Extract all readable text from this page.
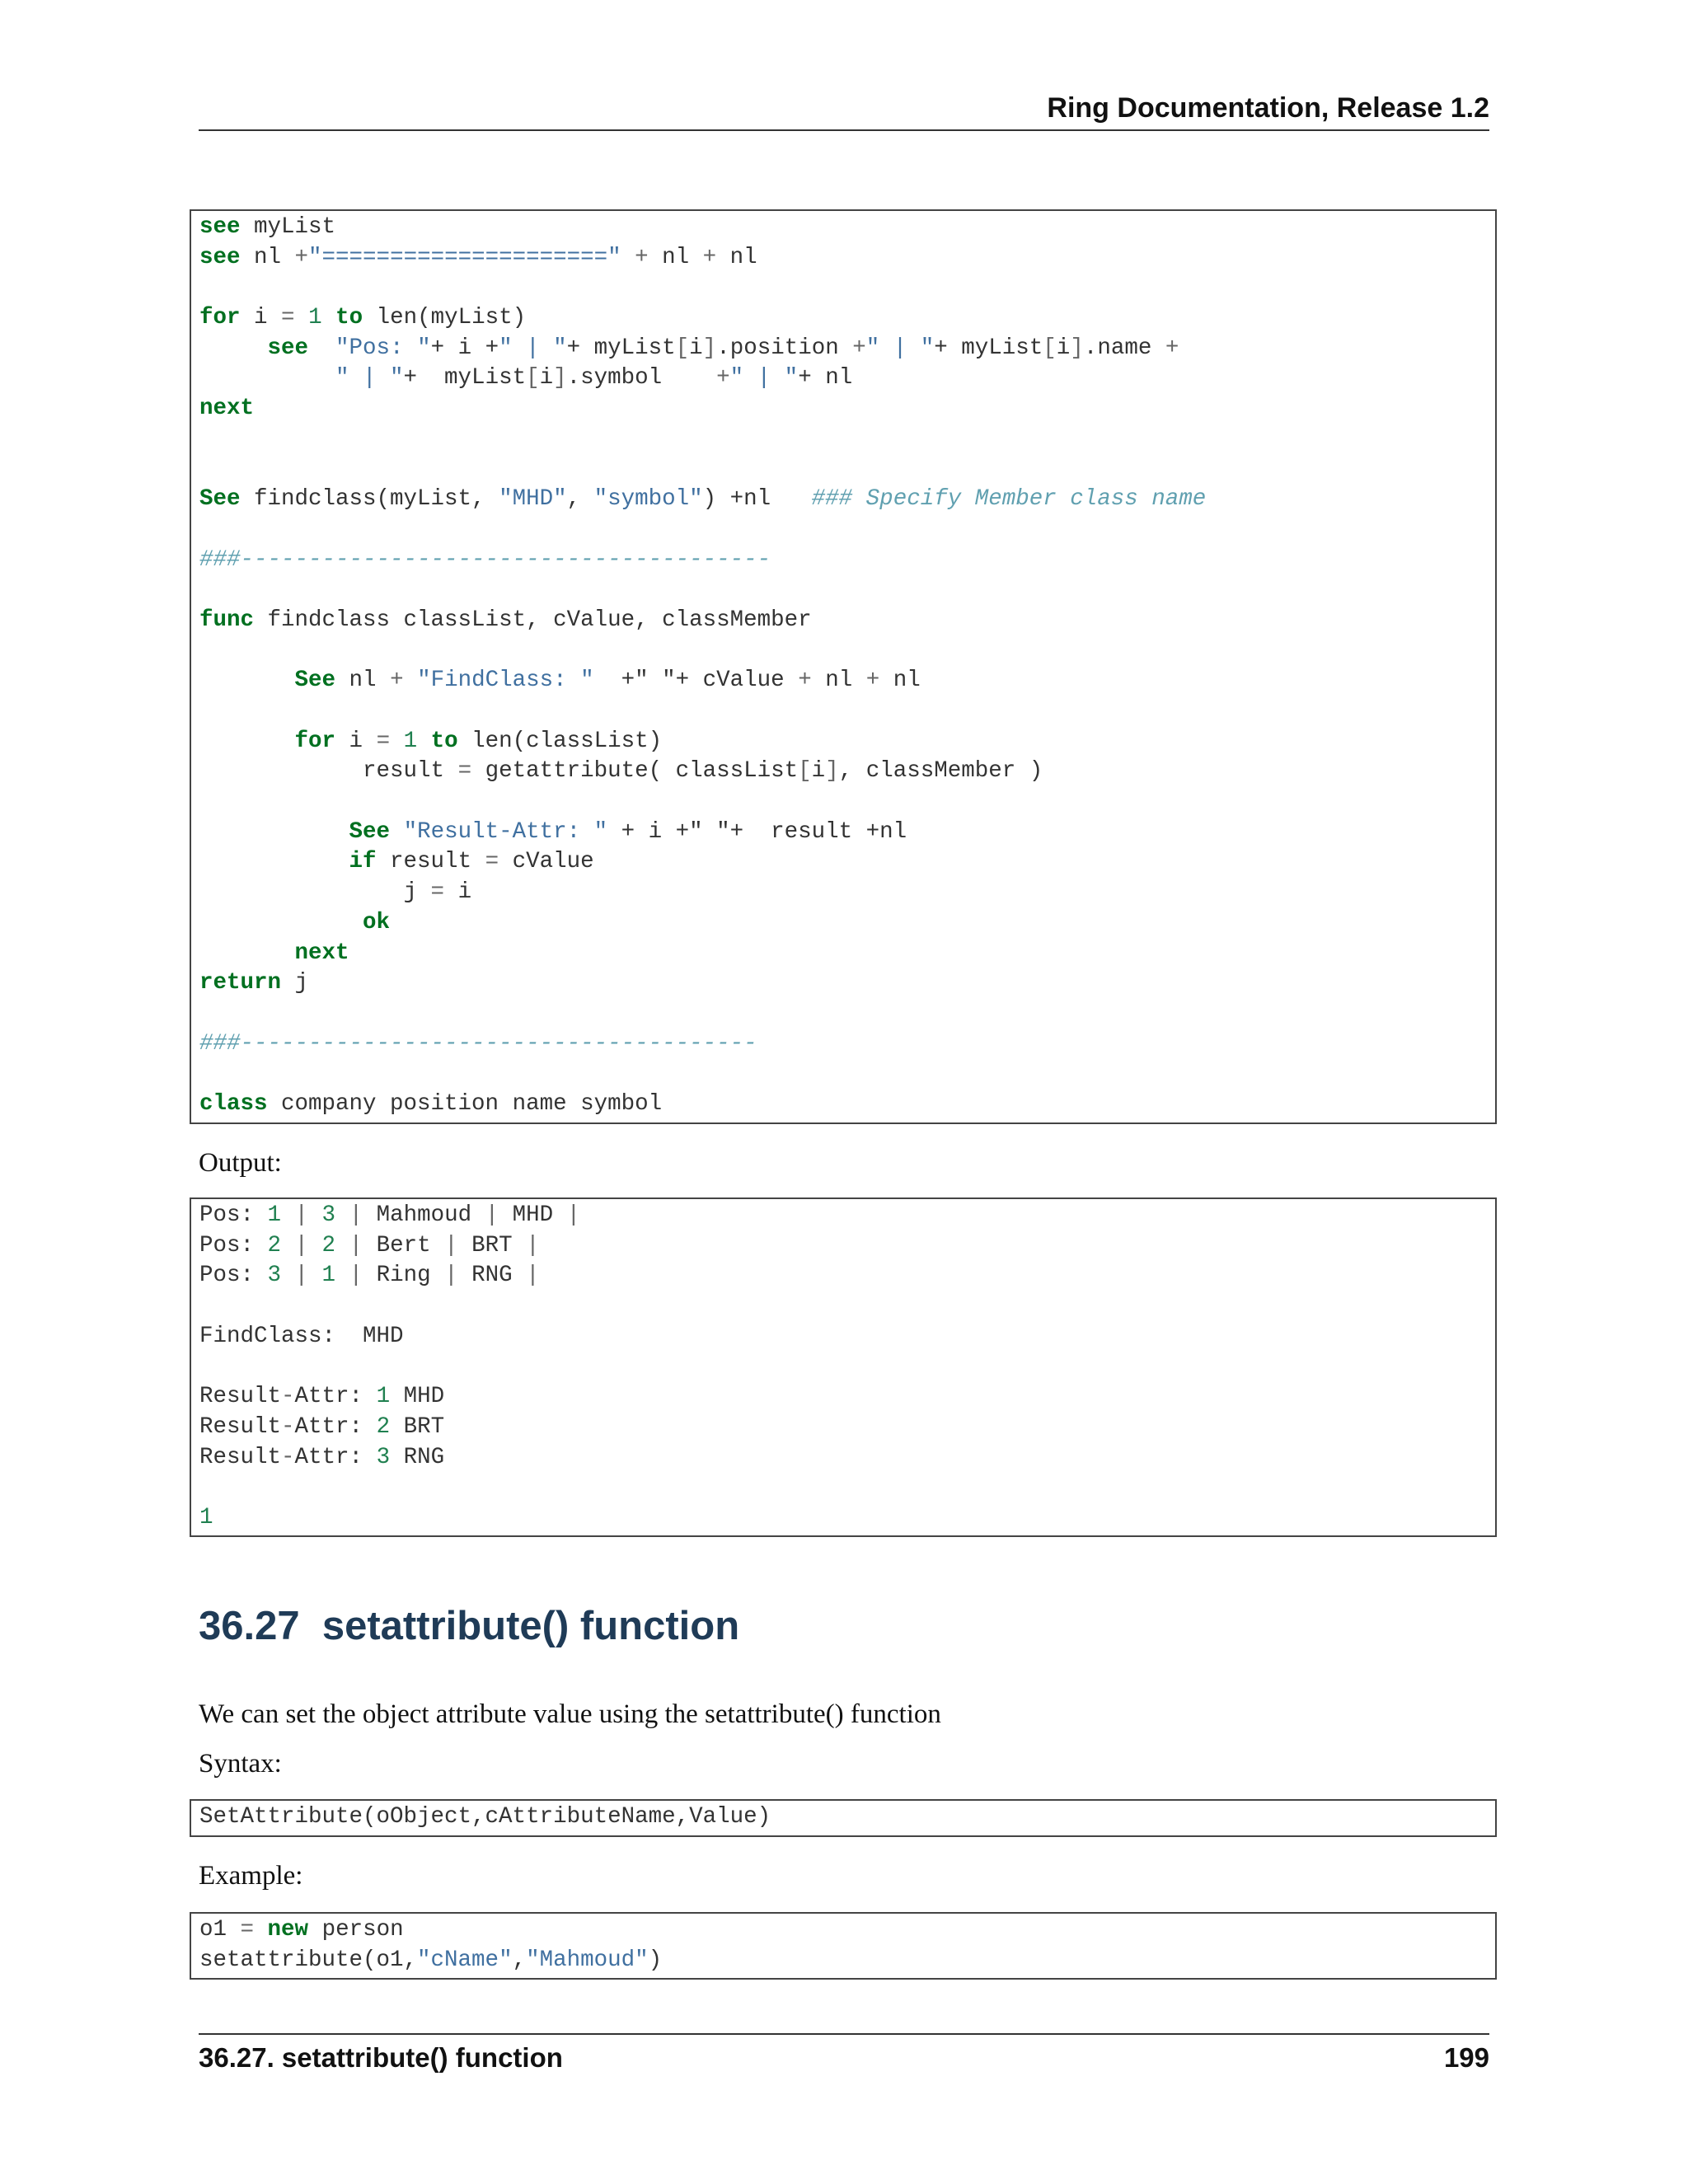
Ring Documentation, Release 1.2
see myList
see nl +"=====================" + nl + nl
for i = 1 to len(myList)
see "Pos: "+ i +" | "+ myList[i].position +" | "+ myList[i].name +
" | "+  myList[i].symbol    +" | "+ nl
next
See findclass(myList, "MHD", "symbol") +nl   ### Specify Member class name
###---------------------------------------
func findclass classList, cValue, classMember
See nl + "FindClass: "  +" "+ cValue + nl + nl
for i = 1 to len(classList)
result = getattribute( classList[i], classMember )
See "Result-Attr: " + i +" "+  result +nl
if result = cValue
j = i
ok
next
return j
###--------------------------------------
class company position name symbol

Output:

Pos: 1 | 3 | Mahmoud | MHD |
Pos: 2 | 2 | Bert | BRT |
Pos: 3 | 1 | Ring | RNG |
FindClass:  MHD
Result-Attr: 1 MHD
Result-Attr: 2 BRT
Result-Attr: 3 RNG
1
36.27 setattribute() function

We can set the object attribute value using the setattribute() function

Syntax:

SetAttribute(oObject,cAttributeName,Value)

Example:

o1 = new person
setattribute(o1,"cName","Mahmoud")
36.27. setattribute() function	199
